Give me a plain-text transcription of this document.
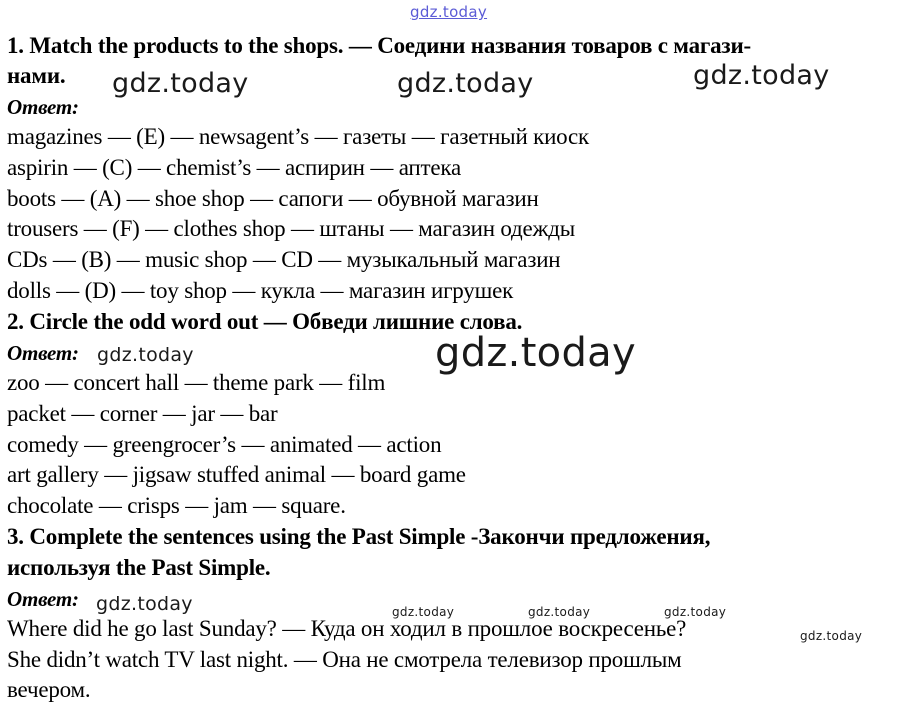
gdz.today
gdz.today	gdz.today	gdz.today
gdz.today
gdz.today
gdz.today	gdz.today	gdz.today	gdz.today
gdz.today
1. Match the products to the shops. — Соедини названия товаров с магази-
нами.
Ответ:
magazines — (E) — newsagent’s — газеты — газетный киоск
aspirin — (C) — chemist’s — аспирин — аптека
boots — (A) — shoe shop — сапоги — обувной магазин
trousers — (F) — clothes shop — штаны — магазин одежды
CDs — (B) — music shop — CD — музыкальный магазин
dolls — (D) — toy shop — кукла — магазин игрушек
2. Circle the odd word out — Обведи лишние слова.
Ответ:
zoo — concert hall — theme park — film
packet — corner — jar — bar
comedy — greengrocer’s — animated — action
art gallery — jigsaw stuffed animal — board game
chocolate — crisps — jam — square.
3. Complete the sentences using the Past Simple -Закончи предложения,
используя the Past Simple.
Ответ:
Where did he go last Sunday? — Куда он ходил в прошлое воскресенье?
She didn’t watch TV last night. — Она не смотрела телевизор прошлым
вечером.
